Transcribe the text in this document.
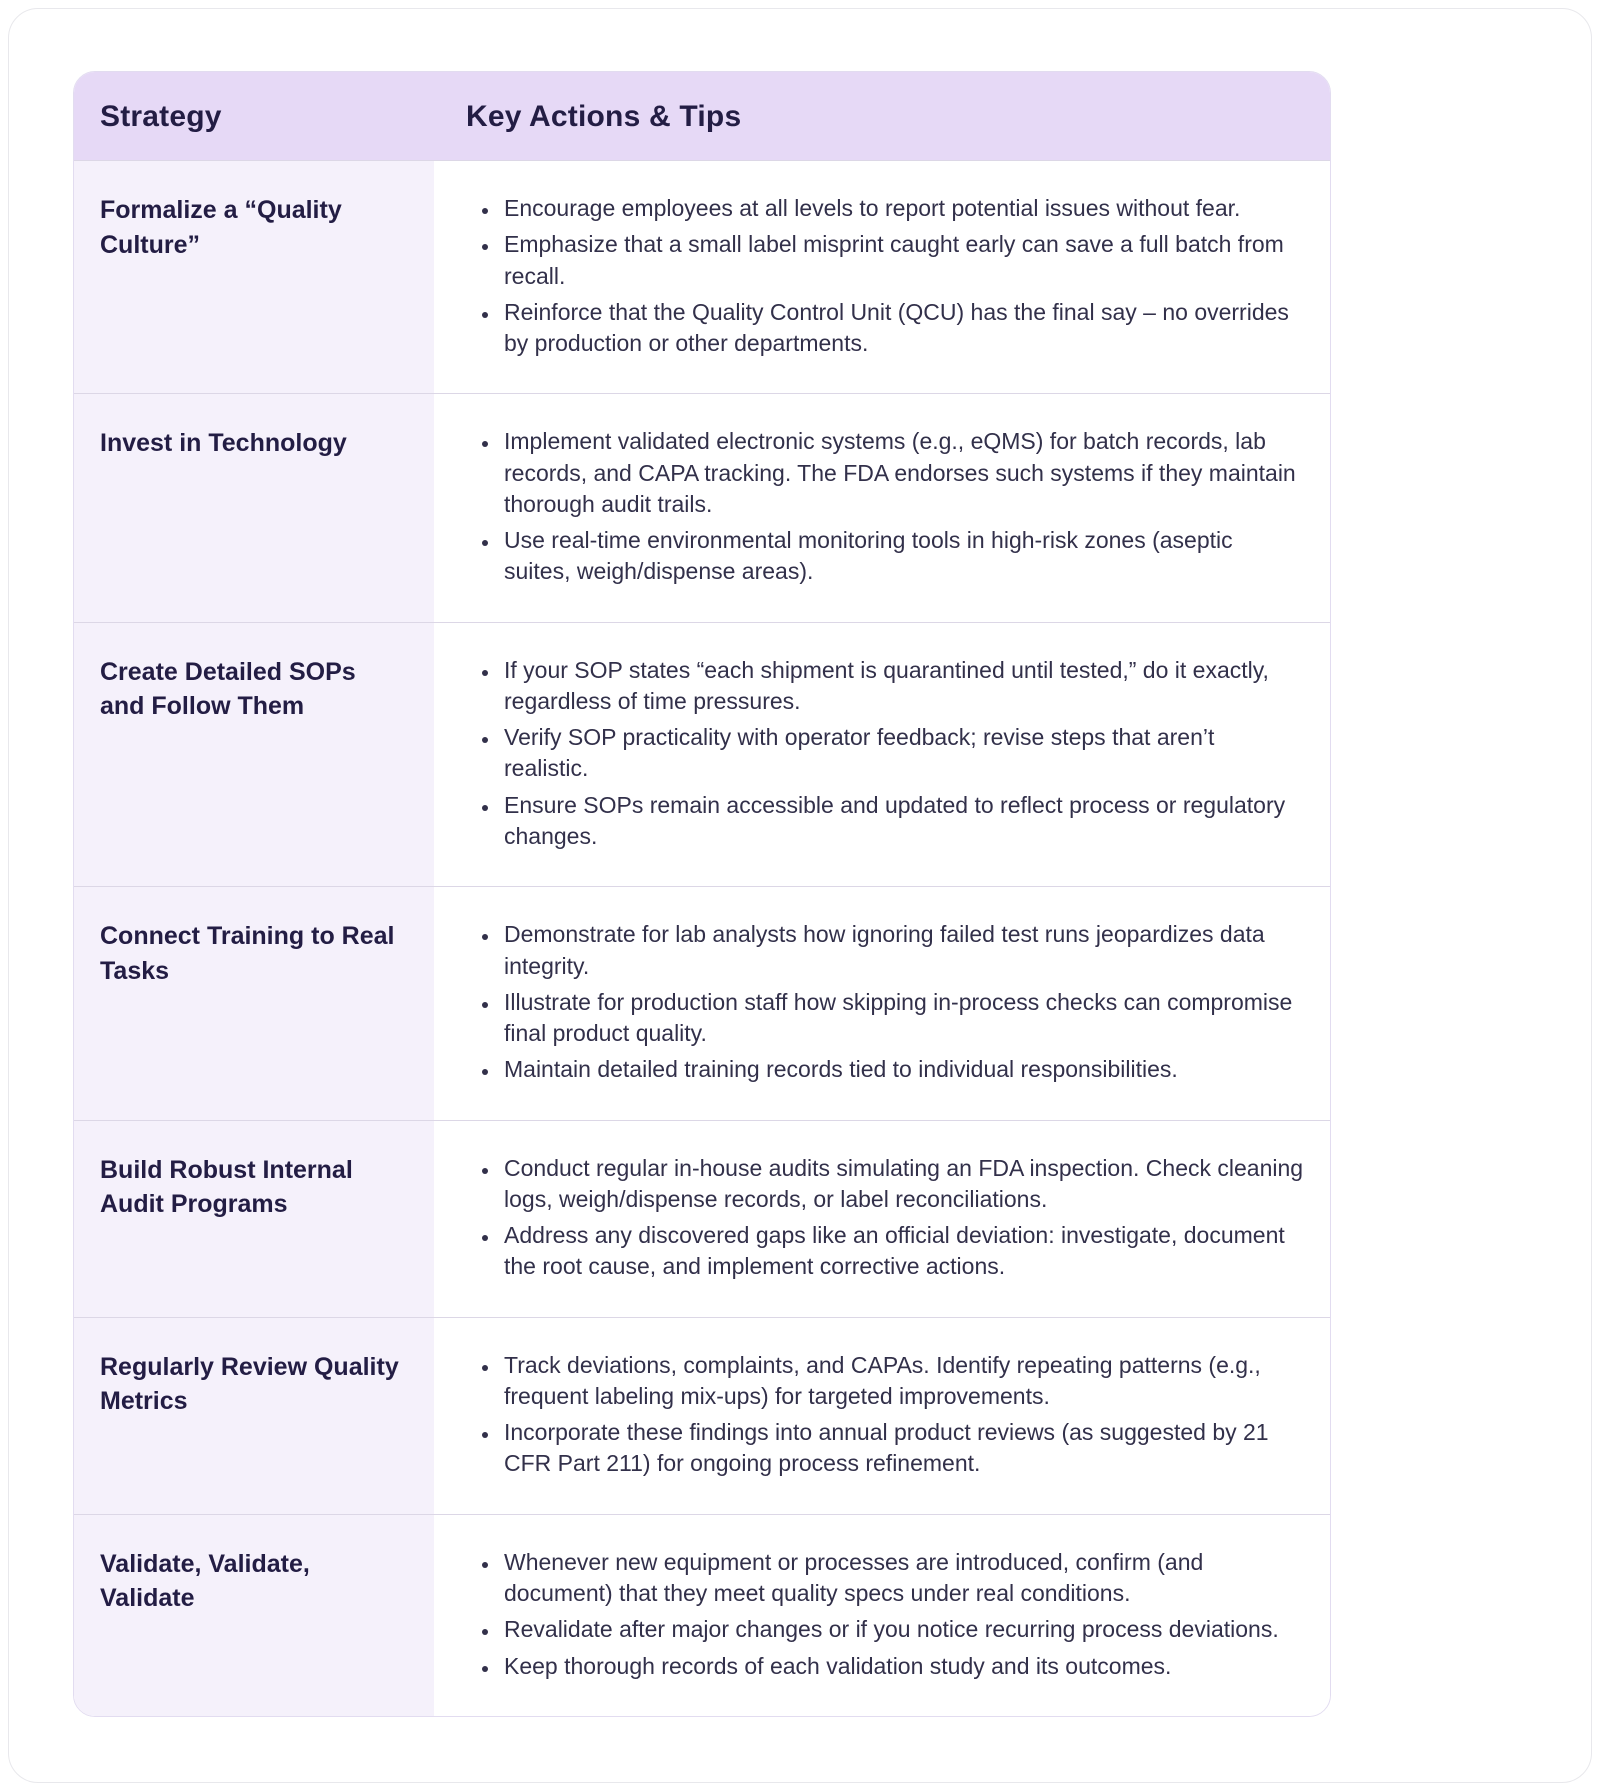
Strategy	Key Actions & Tips
Formalize a “Quality Culture”
• Encourage employees at all levels to report potential issues without fear.
• Emphasize that a small label misprint caught early can save a full batch from recall.
• Reinforce that the Quality Control Unit (QCU) has the final say – no overrides by production or other departments.
Invest in Technology	• Implement validated electronic systems (e.g., eQMS) for batch records, lab records, and CAPA tracking. The FDA endorses such systems if they maintain thorough audit trails.
• Use real-time environmental monitoring tools in high-risk zones (aseptic suites, weigh/dispense areas).
Create Detailed SOPs and Follow Them
• If your SOP states “each shipment is quarantined until tested,” do it exactly, regardless of time pressures.
• Verify SOP practicality with operator feedback; revise steps that aren’t realistic.
• Ensure SOPs remain accessible and updated to reflect process or regulatory changes.
Connect Training to Real Tasks
• Demonstrate for lab analysts how ignoring failed test runs jeopardizes data integrity.
• Illustrate for production staff how skipping in-process checks can compromise final product quality.
• Maintain detailed training records tied to individual responsibilities.
Build Robust Internal Audit Programs
• Conduct regular in-house audits simulating an FDA inspection. Check cleaning logs, weigh/dispense records, or label reconciliations.
• Address any discovered gaps like an official deviation: investigate, document the root cause, and implement corrective actions.
Regularly Review Quality Metrics
• Track deviations, complaints, and CAPAs. Identify repeating patterns (e.g., frequent labeling mix-ups) for targeted improvements.
• Incorporate these findings into annual product reviews (as suggested by 21 CFR Part 211) for ongoing process refinement.
Validate, Validate, Validate
• Whenever new equipment or processes are introduced, confirm (and document) that they meet quality specs under real conditions.
• Revalidate after major changes or if you notice recurring process deviations.
• Keep thorough records of each validation study and its outcomes.
